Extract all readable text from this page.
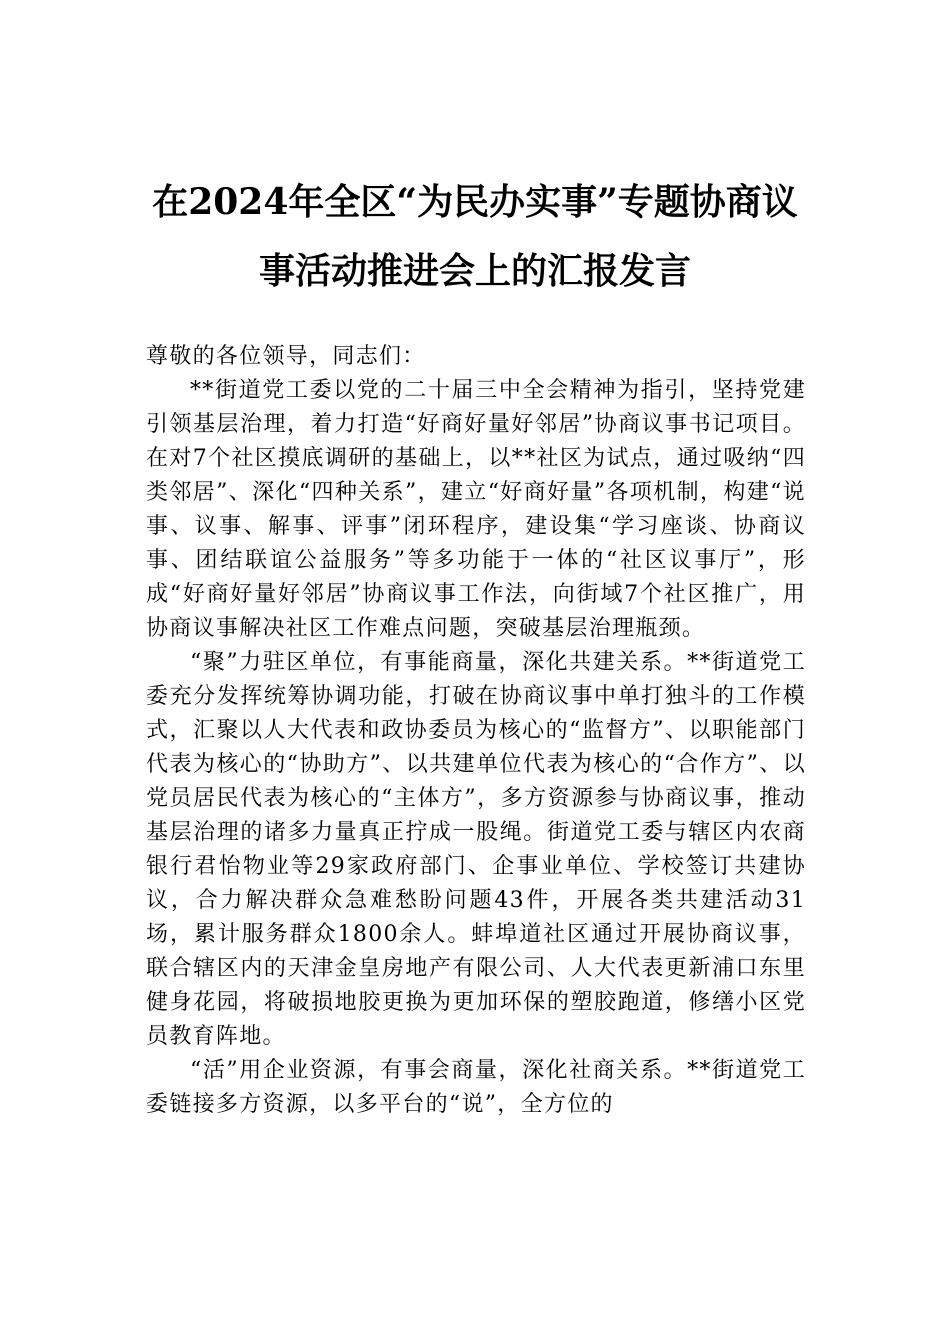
在2024年全区“为民办实事”专题协商议
事活动推进会上的汇报发言

尊敬的各位领导，同志们：

**街道党工委以党的二十届三中全会精神为指引，坚持党建引领基层治理，着力打造“好商好量好邻居”协商议事书记项目。在对7个社区摸底调研的基础上，以**社区为试点，通过吸纳“四类邻居”、深化“四种关系”，建立“好商好量”各项机制，构建“说事、议事、解事、评事”闭环程序，建设集“学习座谈、协商议事、团结联谊公益服务”等多功能于一体的“社区议事厅”，形成“好商好量好邻居”协商议事工作法，向街域7个社区推广，用协商议事解决社区工作难点问题，突破基层治理瓶颈。

“聚”力驻区单位，有事能商量，深化共建关系。**街道党工委充分发挥统筹协调功能，打破在协商议事中单打独斗的工作模式，汇聚以人大代表和政协委员为核心的“监督方”、以职能部门代表为核心的“协助方”、以共建单位代表为核心的“合作方”、以党员居民代表为核心的“主体方”，多方资源参与协商议事，推动基层治理的诸多力量真正拧成一股绳。街道党工委与辖区内农商银行君怡物业等29家政府部门、企事业单位、学校签订共建协议，合力解决群众急难愁盼问题43件，开展各类共建活动31场，累计服务群众1800余人。蚌埠道社区通过开展协商议事，联合辖区内的天津金皇房地产有限公司、人大代表更新浦口东里健身花园，将破损地胶更换为更加环保的塑胶跑道，修缮小区党员教育阵地。

“活”用企业资源，有事会商量，深化社商关系。**街道党工委链接多方资源，以多平台的“说”，全方位的
